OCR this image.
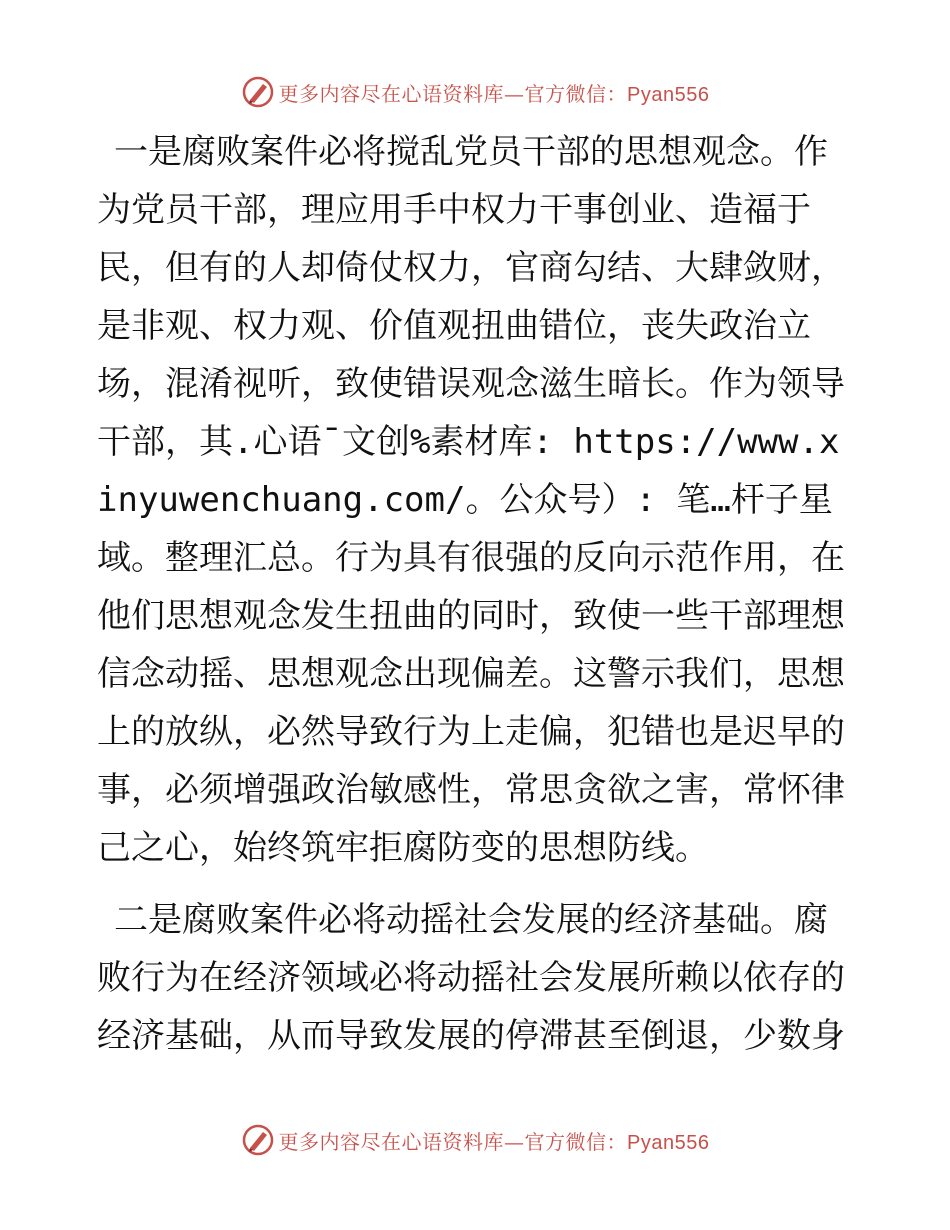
更多内容尽在心语资料库—官方微信：Pyan556

一是腐败案件必将搅乱党员干部的思想观念。作为党员干部，理应用手中权力干事创业、造福于民，但有的人却倚仗权力，官商勾结、大肆敛财，是非观、权力观、价值观扭曲错位，丧失政治立场，混淆视听，致使错误观念滋生暗长。作为领导干部，其.心语¯文创%素材库: https://www.xinyuwenchuang.com/。公众号）: 笔…杆子星域。整理汇总。行为具有很强的反向示范作用，在他们思想观念发生扭曲的同时，致使一些干部理想信念动摇、思想观念出现偏差。这警示我们，思想上的放纵，必然导致行为上走偏，犯错也是迟早的事，必须增强政治敏感性，常思贪欲之害，常怀律己之心，始终筑牢拒腐防变的思想防线。

二是腐败案件必将动摇社会发展的经济基础。腐败行为在经济领域必将动摇社会发展所赖以依存的经济基础，从而导致发展的停滞甚至倒退，少数身

更多内容尽在心语资料库—官方微信：Pyan556
